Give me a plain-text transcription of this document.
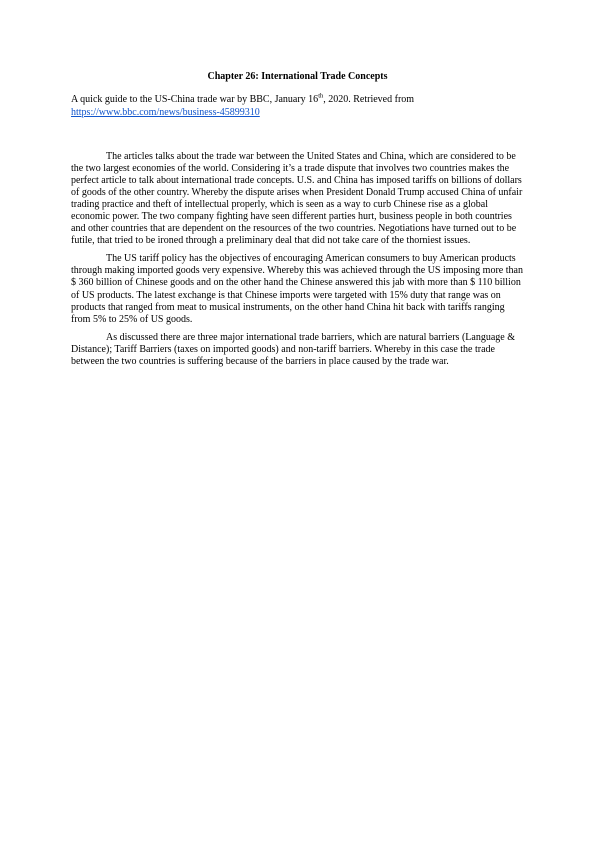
Chapter 26: International Trade Concepts
A quick guide to the US-China trade war by BBC, January 16th, 2020. Retrieved from
https://www.bbc.com/news/business-45899310

The articles talks about the trade war between the United States and China, which are considered to be the two largest economies of the world. Considering it’s a trade dispute that involves two countries makes the perfect article to talk about international trade concepts. U.S. and China has imposed tariffs on billions of dollars of goods of the other country. Whereby the dispute arises when President Donald Trump accused China of unfair trading practice and theft of intellectual properly, which is seen as a way to curb Chinese rise as a global economic power. The two company fighting have seen different parties hurt, business people in both countries and other countries that are dependent on the resources of the two countries. Negotiations have turned out to be futile, that tried to be ironed through a preliminary deal that did not take care of the thorniest issues.

The US tariff policy has the objectives of encouraging American consumers to buy American products through making imported goods very expensive. Whereby this was achieved through the US imposing more than $ 360 billion of Chinese goods and on the other hand the Chinese answered this jab with more than $ 110 billion of US products. The latest exchange is that Chinese imports were targeted with 15% duty that range was on products that ranged from meat to musical instruments, on the other hand China hit back with tariffs ranging from 5% to 25% of US goods.

As discussed there are three major international trade barriers, which are natural barriers (Language & Distance); Tariff Barriers (taxes on imported goods) and non-tariff barriers. Whereby in this case the trade between the two countries is suffering because of the barriers in place caused by the trade war.
